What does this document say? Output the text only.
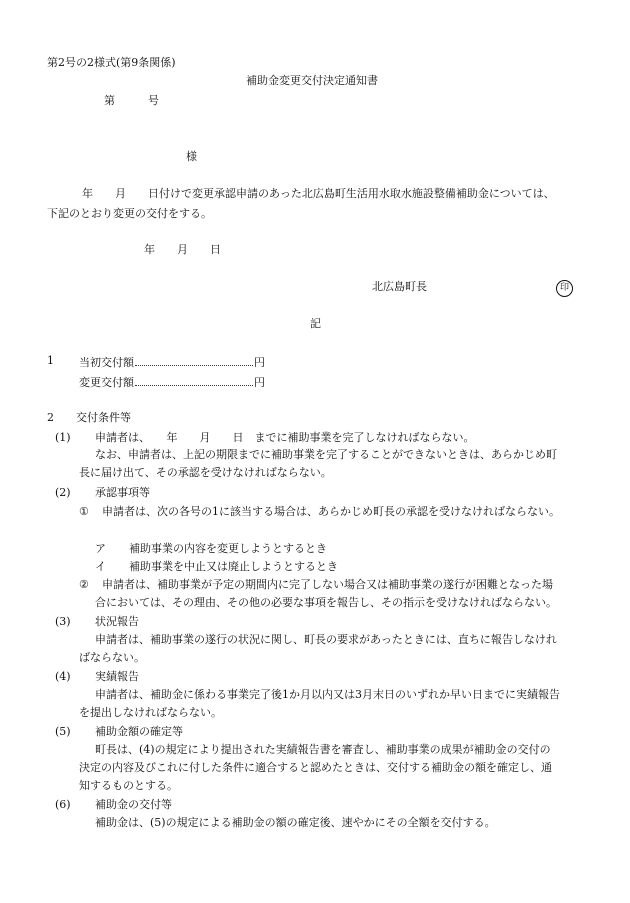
第2号の2様式(第9条関係)
補助金変更交付決定通知書
第　　　号
様
年　　月　　日付けで変更承認申請のあった北広島町生活用水取水施設整備補助金については、
下記のとおり変更の交付をする。
年　　月　　日
北広島町長	印
記
1 当初交付額	円
変更交付額	円
2　　交付条件等
(1) 申請者は、　　年　　月　　日　までに補助事業を完了しなければならない。
なお、申請者は、上記の期限までに補助事業を完了することができないときは、あらかじめ町
長に届け出て、その承認を受けなければならない。
(2) 承認事項等
① 申請者は、次の各号の1に該当する場合は、あらかじめ町長の承認を受けなければならない。
ア 補助事業の内容を変更しようとするとき
イ 補助事業を中止又は廃止しようとするとき
② 申請者は、補助事業が予定の期間内に完了しない場合又は補助事業の遂行が困難となった場
合においては、その理由、その他の必要な事項を報告し、その指示を受けなければならない。
(3) 状況報告
申請者は、補助事業の遂行の状況に関し、町長の要求があったときには、直ちに報告しなけれ
ばならない。
(4) 実績報告
申請者は、補助金に係わる事業完了後1か月以内又は3月末日のいずれか早い日までに実績報告
を提出しなければならない。
(5) 補助金額の確定等
町長は、(4)の規定により提出された実績報告書を審査し、補助事業の成果が補助金の交付の
決定の内容及びこれに付した条件に適合すると認めたときは、交付する補助金の額を確定し、通
知するものとする。
(6) 補助金の交付等
補助金は、(5)の規定による補助金の額の確定後、速やかにその全額を交付する。
